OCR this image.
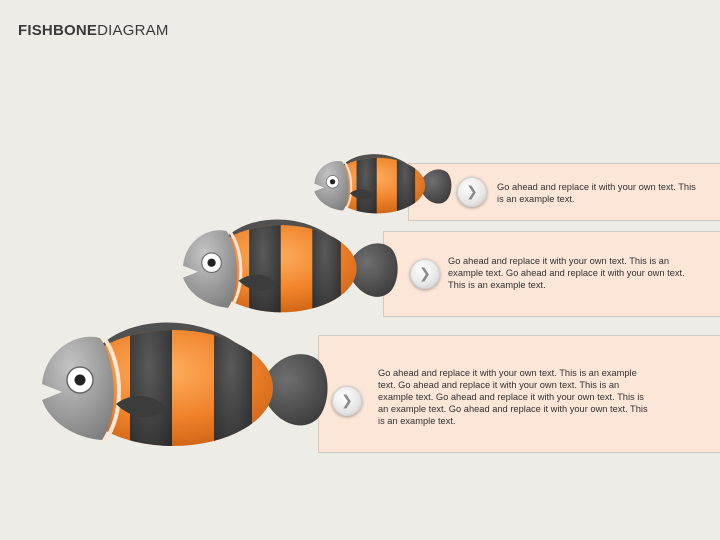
FISHBONEDIAGRAM
❯ Go ahead and replace it with your own text. This is an example text.
❯
Go ahead and replace it with your own text. This is an example text. Go ahead and replace it with your own text. This is an example text.
❯
Go ahead and replace it with your own text. This is an example text. Go ahead and replace it with your own text. This is an example text. Go ahead and replace it with your own text. This is an example text. Go ahead and replace it with your own text. This is an example text.
